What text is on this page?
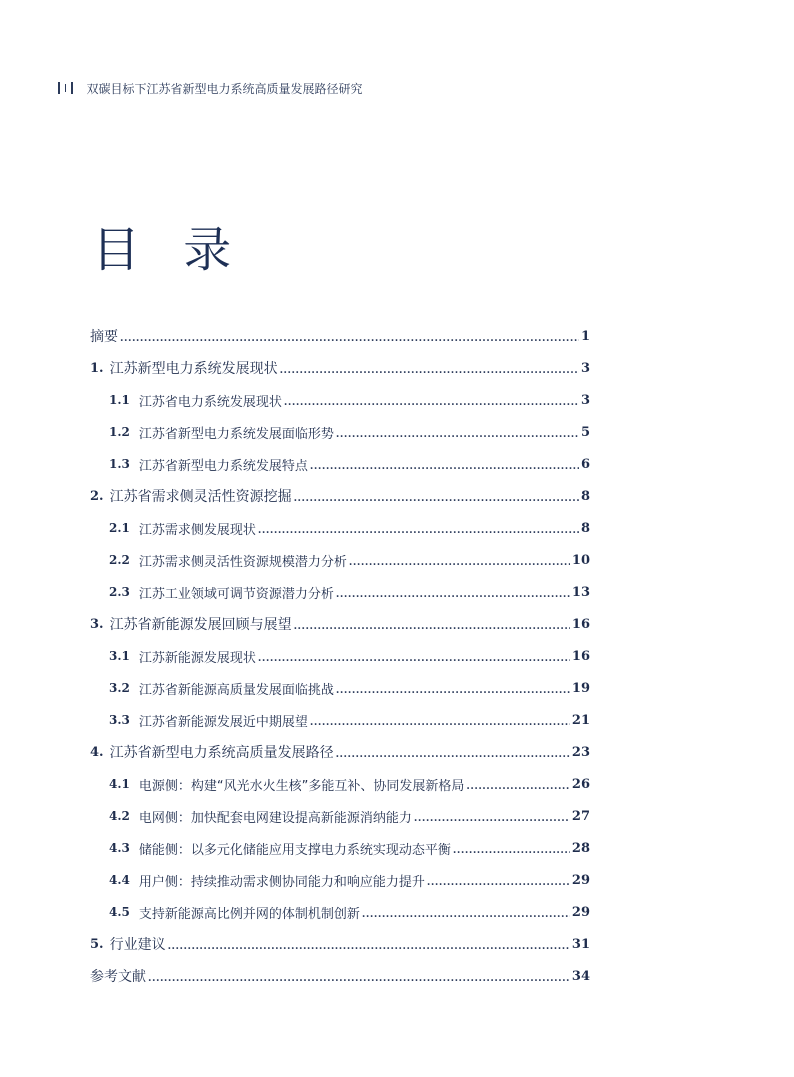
双碳目标下江苏省新型电力系统高质量发展路径研究
目 录
摘要 .....	1
1. 江苏新型电力系统发展现状 .....	3
1.1 江苏省电力系统发展现状 .....	3
1.2 江苏省新型电力系统发展面临形势 .....	5
1.3 江苏省新型电力系统发展特点 .....	6
2. 江苏省需求侧灵活性资源挖掘 .....	8
2.1 江苏需求侧发展现状 .....	8
2.2 江苏需求侧灵活性资源规模潜力分析 .....	10
2.3 江苏工业领域可调节资源潜力分析 .....	13
3. 江苏省新能源发展回顾与展望 .....	16
3.1 江苏新能源发展现状 .....	16
3.2 江苏省新能源高质量发展面临挑战 .....	19
3.3 江苏省新能源发展近中期展望 .....	21
4. 江苏省新型电力系统高质量发展路径 .....	23
4.1 电源侧：构建“风光水火生核”多能互补、协同发展新格局 .....	26
4.2 电网侧：加快配套电网建设提高新能源消纳能力 .....	27
4.3 储能侧：以多元化储能应用支撑电力系统实现动态平衡 .....	28
4.4 用户侧：持续推动需求侧协同能力和响应能力提升 .....	29
4.5 支持新能源高比例并网的体制机制创新 .....	29
5. 行业建议 .....	31
参考文献 .....	34
